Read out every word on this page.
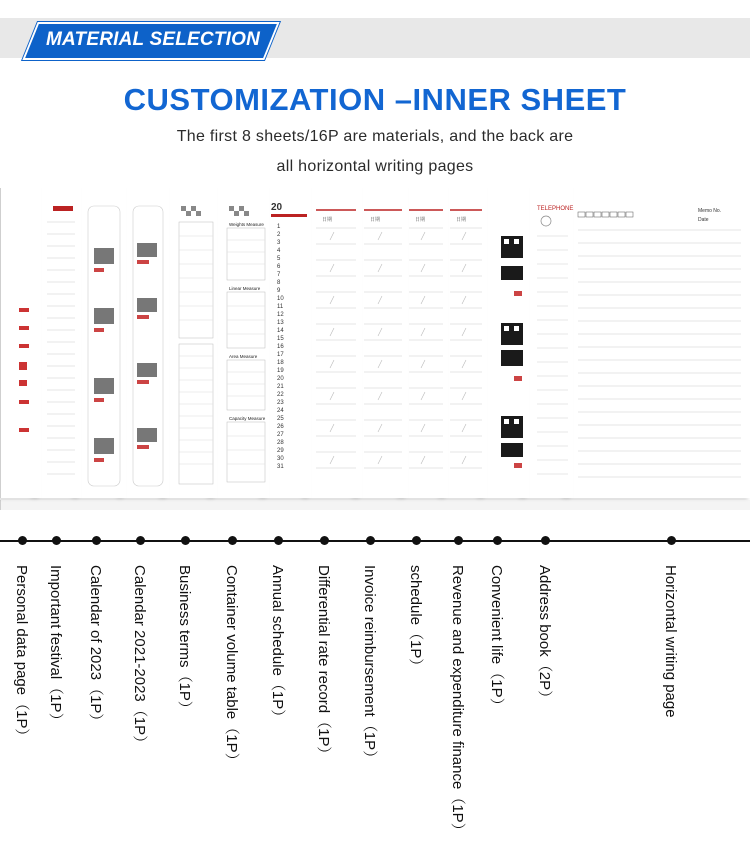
MATERIAL SELECTION
CUSTOMIZATION –INNER SHEET
The first 8 sheets/16P are materials, and the back are
all horizontal writing pages
Memo No.
Date
TELEPHONE
日期
日期
日期
日期
20
1
2
3
4
5
6
7
8
9
10
11
12
13
14
15
16
17
18
19
20
21
22
23
24
25
26
27
28
29
30
31
Weights Measure
Linear Measure
Area Measure
Capacity Measure
Personal data page（1P） Important festival（1P） Calendar of 2023（1P） Calendar 2021-2023（1P） Business terms（1P） Container volume table（1P） Annual schedule（1P） Differential rate record（1P） Invoice reimbursement（1P） schedule（1P） Revenue and expenditure finance（1P） Convenient life（1P） Address book（2P）	Horizontal writing page
